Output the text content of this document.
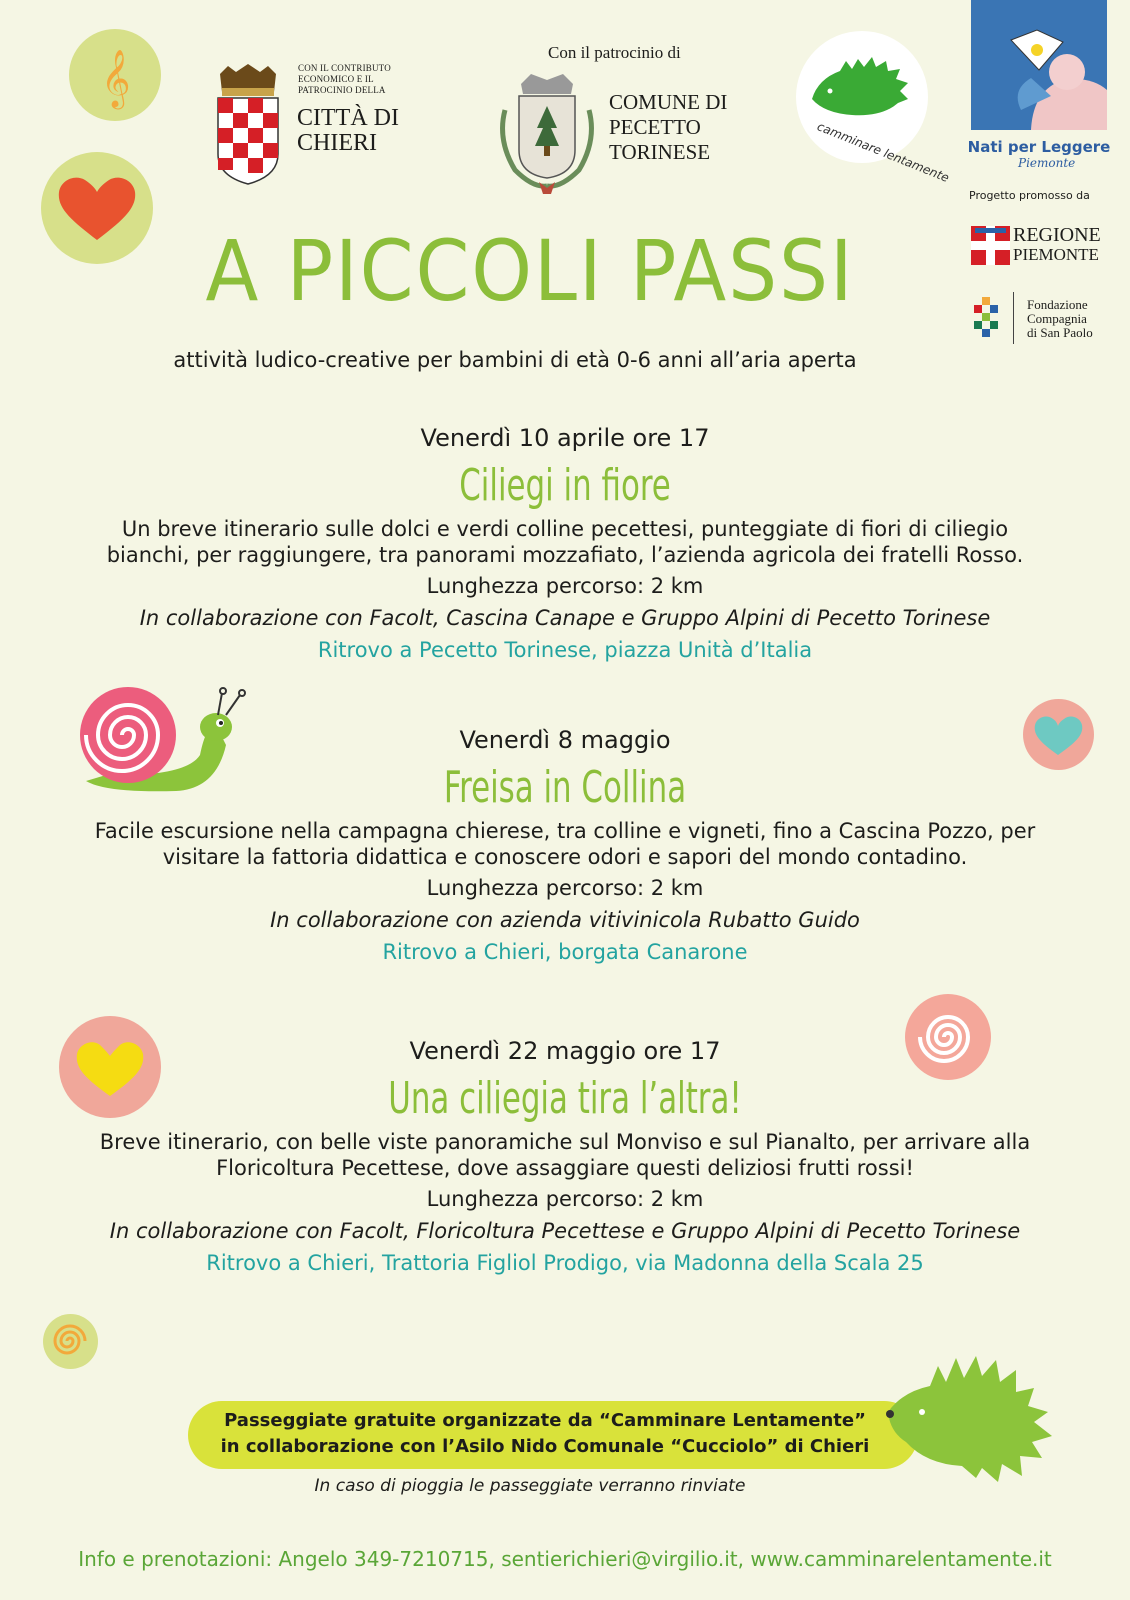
𝄞	CON IL CONTRIBUTO
ECONOMICO E IL
PATROCINIO DELLA
CITTÀ DI
CHIERI
Con il patrocinio di
COMUNE DI
PECETTO
TORINESE	camminare lentamente Nati per Leggere
Piemonte
Progetto promosso da
REGIONE
PIEMONTE
Fondazione
Compagnia
di San Paolo
A PICCOLI PASSI
attività ludico-creative per bambini di età 0-6 anni all’aria aperta
Venerdì 10 aprile ore 17
Ciliegi in fiore
Un breve itinerario sulle dolci e verdi colline pecettesi, punteggiate di fiori di ciliegio
bianchi, per raggiungere, tra panorami mozzafiato, l’azienda agricola dei fratelli Rosso.
Lunghezza percorso: 2 km
In collaborazione con Facolt, Cascina Canape e Gruppo Alpini di Pecetto Torinese
Ritrovo a Pecetto Torinese, piazza Unità d’Italia
Venerdì 8 maggio
Freisa in Collina
Facile escursione nella campagna chierese, tra colline e vigneti, fino a Cascina Pozzo, per
visitare la fattoria didattica e conoscere odori e sapori del mondo contadino.
Lunghezza percorso: 2 km
In collaborazione con azienda vitivinicola Rubatto Guido
Ritrovo a Chieri, borgata Canarone
Venerdì 22 maggio ore 17
Una ciliegia tira l’altra!
Breve itinerario, con belle viste panoramiche sul Monviso e sul Pianalto, per arrivare alla
Floricoltura Pecettese, dove assaggiare questi deliziosi frutti rossi!
Lunghezza percorso: 2 km
In collaborazione con Facolt, Floricoltura Pecettese e Gruppo Alpini di Pecetto Torinese
Ritrovo a Chieri, Trattoria Figliol Prodigo, via Madonna della Scala 25
Passeggiate gratuite organizzate da “Camminare Lentamente”
in collaborazione con l’Asilo Nido Comunale “Cucciolo” di Chieri
In caso di pioggia le passeggiate verranno rinviate
Info e prenotazioni: Angelo 349-7210715, sentierichieri@virgilio.it, www.camminarelentamente.it
